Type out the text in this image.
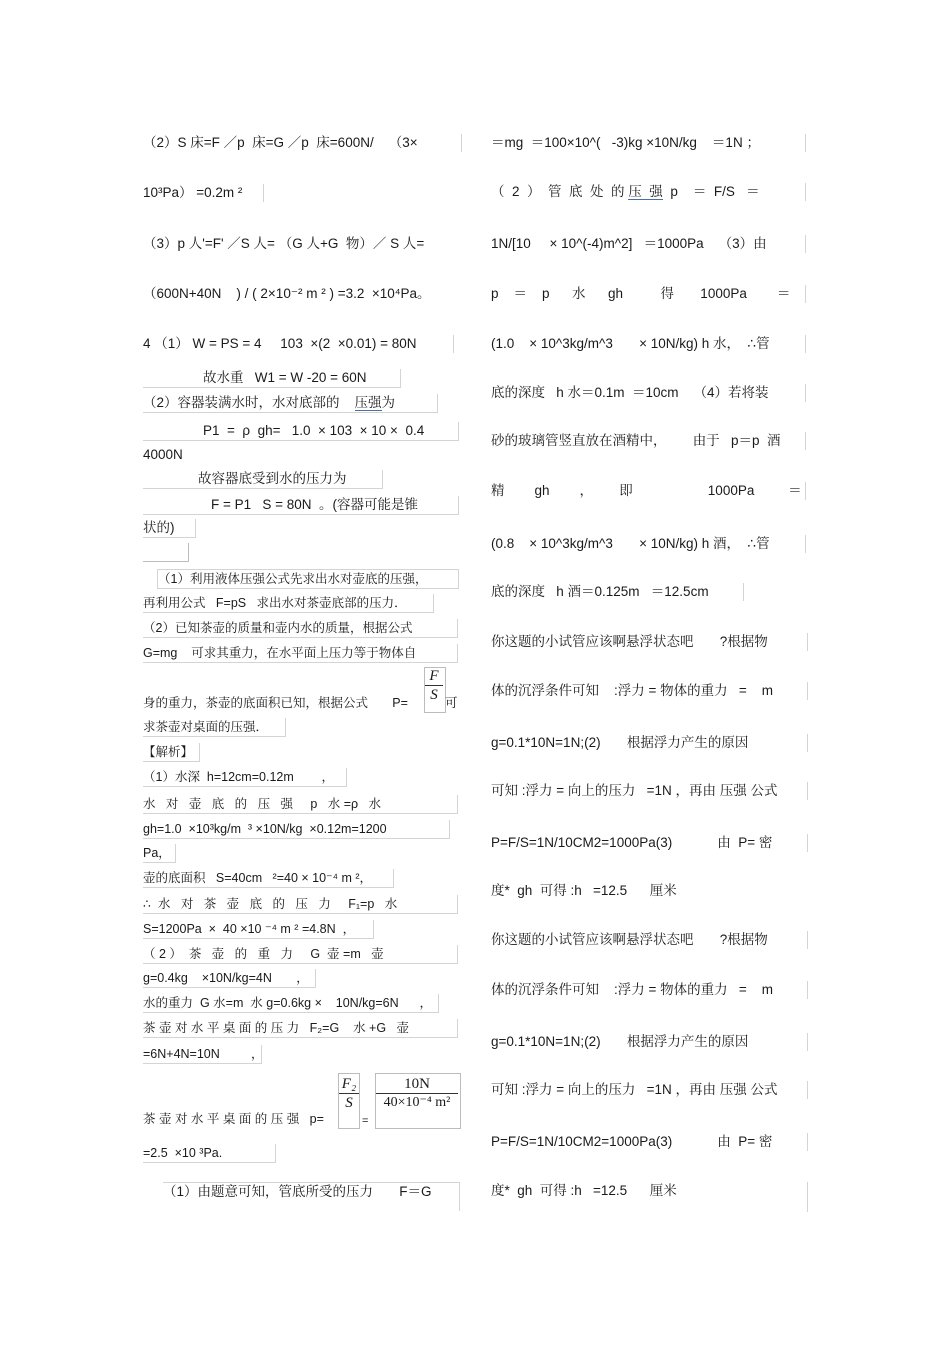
（2）S 床=F ／p  床=G ／p  床=600N/    （3×
10³Pa） =0.2m ²
（3）p 人'=F' ／S 人= （G 人+G  物）／ S 人=
（600N+40N    ) / ( 2×10⁻² m ² ) =3.2  ×10⁴Pa。
4 （1） W = PS = 4     103  ×(2  ×0.01) = 80N
故水重   W1 = W -20 = 60N
（2）容器装满水时，水对底部的 压强为
P1  =  ρ  gh=   1.0  × 103  × 10 ×  0.4
4000N
故容器底受到水的压力为
F = P1   S = 80N  。(容器可能是锥
状的)
（1）利用液体压强公式先求出水对壶底的压强，
再利用公式   F=pS   求出水对茶壶底部的压力．
（2）已知茶壶的质量和壶内水的质量，根据公式
G=mg    可求其重力，在水平面上压力等于物体自
身的重力，茶壶的底面积已知，根据公式       P=
F
S 可
求茶壶对桌面的压强．
【解析】
（1）水深  h=12cm=0.12m        ，
水   对   壶   底   的   压   强     p   水 =ρ   水
gh=1.0  ×10³kg/m  ³ ×10N/kg  ×0.12m=1200
Pa，
壶的底面积   S=40cm   ²=40 × 10⁻⁴ m ²，
∴  水   对   茶   壶   底   的   压   力     F₁=p   水
S=1200Pa  ×  40 ×10 ⁻⁴ m ² =4.8N  ，
（ 2 ）  茶   壶   的   重   力     G  壶 =m   壶
g=0.4kg    ×10N/kg=4N       ，
水的重力  G 水=m  水 g=0.6kg ×    10N/kg=6N      ，
茶 壶 对 水 平 桌 面 的 压 力   F₂=G    水 +G   壶
=6N+4N=10N         ，
茶 壶 对 水 平 桌 面 的 压 强   p=
F₂
S
=
10N
40×10⁻⁴ m²
=2.5  ×10 ³Pa.
（1）由题意可知，管底所受的压力       F＝G
＝mg  ＝100×10^(   -3)kg ×10N/kg    ＝1N ；
（  2  ）  管  底  处  的 压  强  p    ＝  F/S   ＝
1N/[10     × 10^(-4)m^2]   ＝1000Pa    （3）由
p    ＝    p      水      gh          得       1000Pa        ＝
(1.0    × 10^3kg/m^3       × 10N/kg) h 水，  ∴管
底的深度   h 水＝0.1m  ＝10cm    （4）若将装
砂的玻璃管竖直放在酒精中，       由于   p＝p  酒
精        gh        ，       即                    1000Pa         ＝
(0.8    × 10^3kg/m^3       × 10N/kg) h 酒，  ∴管
底的深度   h 酒＝0.125m   ＝12.5cm
你这题的小试管应该啊悬浮状态吧       ?根据物
体的沉浮条件可知    :浮力 = 物体的重力   =    m
g=0.1*10N=1N;(2)       根据浮力产生的原因
可知 :浮力 = 向上的压力   =1N ，再由 压强 公式
P=F/S=1N/10CM2=1000Pa(3)            由  P= 密
度*  gh  可得 :h   =12.5      厘米
你这题的小试管应该啊悬浮状态吧       ?根据物
体的沉浮条件可知    :浮力 = 物体的重力   =    m
g=0.1*10N=1N;(2)       根据浮力产生的原因
可知 :浮力 = 向上的压力   =1N ，再由 压强 公式
P=F/S=1N/10CM2=1000Pa(3)            由  P= 密
度*  gh  可得 :h   =12.5      厘米
